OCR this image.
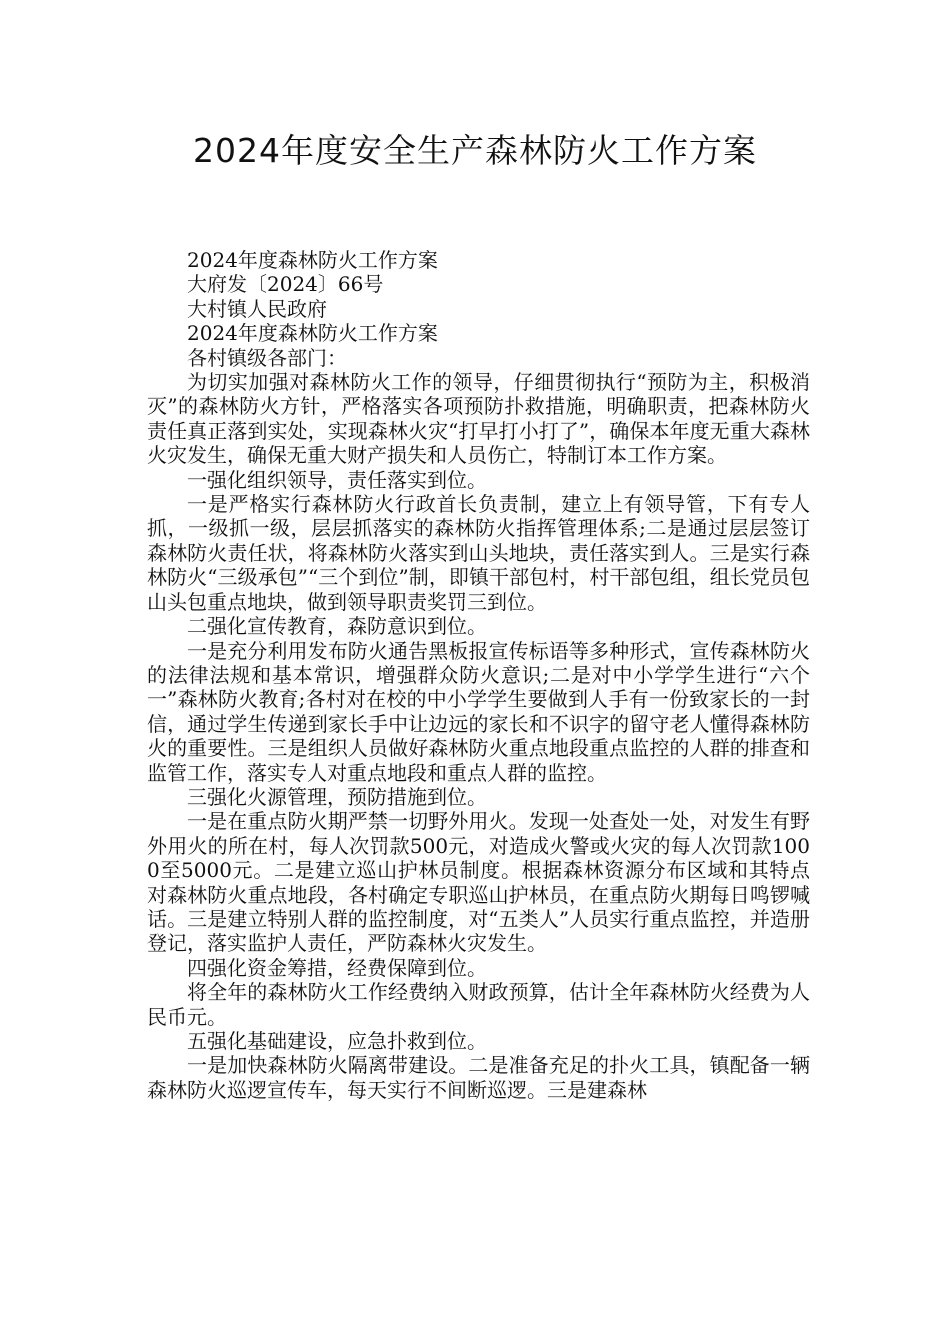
2024年度安全生产森林防火工作方案

2024年度森林防火工作方案

大府发〔2024〕66号

大村镇人民政府

2024年度森林防火工作方案

各村镇级各部门：

为切实加强对森林防火工作的领导，仔细贯彻执行“预防为主，积极消灭”的森林防火方针，严格落实各项预防扑救措施，明确职责，把森林防火责任真正落到实处，实现森林火灾“打早打小打了”，确保本年度无重大森林火灾发生，确保无重大财产损失和人员伤亡，特制订本工作方案。

一强化组织领导，责任落实到位。

一是严格实行森林防火行政首长负责制，建立上有领导管，下有专人抓，一级抓一级，层层抓落实的森林防火指挥管理体系;二是通过层层签订森林防火责任状，将森林防火落实到山头地块，责任落实到人。三是实行森林防火“三级承包”“三个到位”制，即镇干部包村，村干部包组，组长党员包山头包重点地块，做到领导职责奖罚三到位。

二强化宣传教育，森防意识到位。

一是充分利用发布防火通告黑板报宣传标语等多种形式，宣传森林防火的法律法规和基本常识，增强群众防火意识;二是对中小学学生进行“六个一”森林防火教育;各村对在校的中小学学生要做到人手有一份致家长的一封信，通过学生传递到家长手中让边远的家长和不识字的留守老人懂得森林防火的重要性。三是组织人员做好森林防火重点地段重点监控的人群的排查和监管工作，落实专人对重点地段和重点人群的监控。

三强化火源管理，预防措施到位。

一是在重点防火期严禁一切野外用火。发现一处查处一处，对发生有野外用火的所在村，每人次罚款500元，对造成火警或火灾的每人次罚款1000至5000元。二是建立巡山护林员制度。根据森林资源分布区域和其特点对森林防火重点地段，各村确定专职巡山护林员，在重点防火期每日鸣锣喊话。三是建立特别人群的监控制度，对“五类人”人员实行重点监控，并造册登记，落实监护人责任，严防森林火灾发生。

四强化资金筹措，经费保障到位。

将全年的森林防火工作经费纳入财政预算，估计全年森林防火经费为人民币元。

五强化基础建设，应急扑救到位。

一是加快森林防火隔离带建设。二是准备充足的扑火工具，镇配备一辆森林防火巡逻宣传车，每天实行不间断巡逻。三是建森林
